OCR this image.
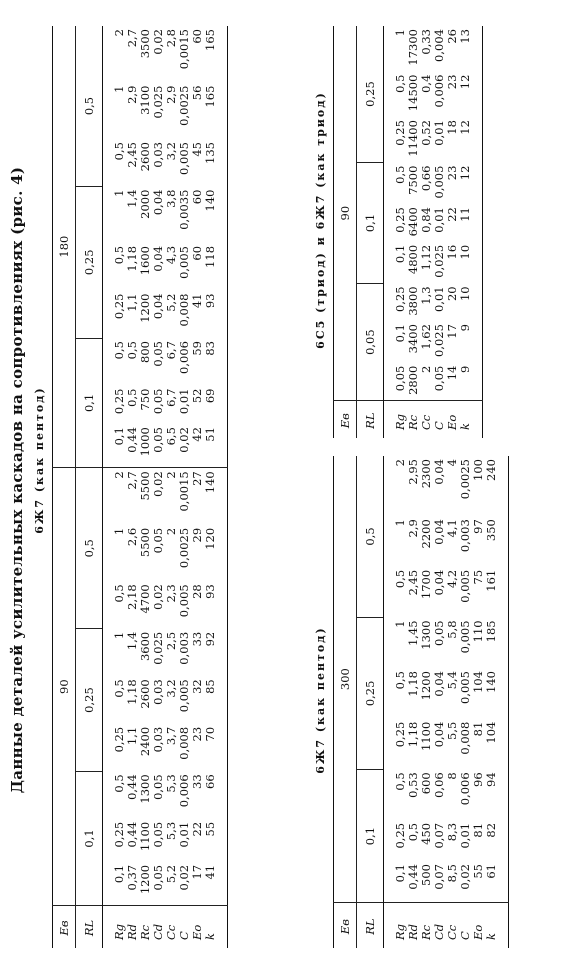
Данные деталей усилительных каскадов на сопротивлениях (рис. 4) 6Ж7 (как пентод)
Eв	90									180								
RL	0,1			0,25			0,5			0,1			0,25			0,5		
Rg	0,1	0,25	0,5	0,25	0,5	1	0,5	1	2	0,1	0,25	0,5	0,25	0,5	1	0,5	1	2
Rd	0,37	0,44	0,44	1,1	1,18	1,4	2,18	2,6	2,7	0,44	0,5	0,5	1,1	1,18	1,4	2,45	2,9	2,7
Rc	1200	1100	1300	2400	2600	3600	4700	5500	5500	1000	750	800	1200	1600	2000	2600	3100	3500
Cd	0,05	0,05	0,05	0,03	0,03	0,025	0,02	0,05	0,02	0,05	0,05	0,05	0,04	0,04	0,04	0,03	0,025	0,02
Cc	5,2	5,3	5,3	3,7	3,2	2,5	2,3	2	2	6,5	6,7	6,7	5,2	4,3	3,8	3,2	2,9	2,8
C	0,02	0,01	0,006	0,008	0,005	0,003	0,005	0,0025	0,0015	0,02	0,01	0,006	0,008	0,005	0,0035	0,005	0,0025	0,0015
Eo	17	22	33	23	32	33	28	29	27	42	52	59	41	60	60	45	56	60
k	41	55	66	70	85	92	93	120	140	51	69	83	93	118	140	135	165	165
6Ж7 (как пентод)
Eв	300								
RL	0,1			0,25			0,5		
Rg	0,1	0,25	0,5	0,25	0,5	1	0,5	1	2
Rd	0,44	0,5	0,53	1,18	1,18	1,45	2,45	2,9	2,95
Rc	500	450	600	1100	1200	1300	1700	2200	2300
Cd	0,07	0,07	0,06	0,04	0,04	0,05	0,04	0,04	0,04
Cc	8,5	8,3	8	5,5	5,4	5,8	4,2	4,1	4
C	0,02	0,01	0,006	0,008	0,005	0,005	0,005	0,003	0,0025
Eo	55	81	96	81	104	110	75	97	100
k	61	82	94	104	140	185	161	350	240
6С5 (триод) и 6Ж7 (как триод)
Eв	90								
RL	0,05			0,1			0,25		
Rg	0,05	0,1	0,25	0,1	0,25	0,5	0,25	0,5	1
Rc	2800	3400	3800	4800	6400	7500	11400	14500	17300
Cc	2	1,62	1,3	1,12	0,84	0,66	0,52	0,4	0,33
C	0,05	0,025	0,01	0,025	0,01	0,005	0,01	0,006	0,004
Eo	14	17	20	16	22	23	18	23	26
k	9	9	10	10	11	12	12	12	13
